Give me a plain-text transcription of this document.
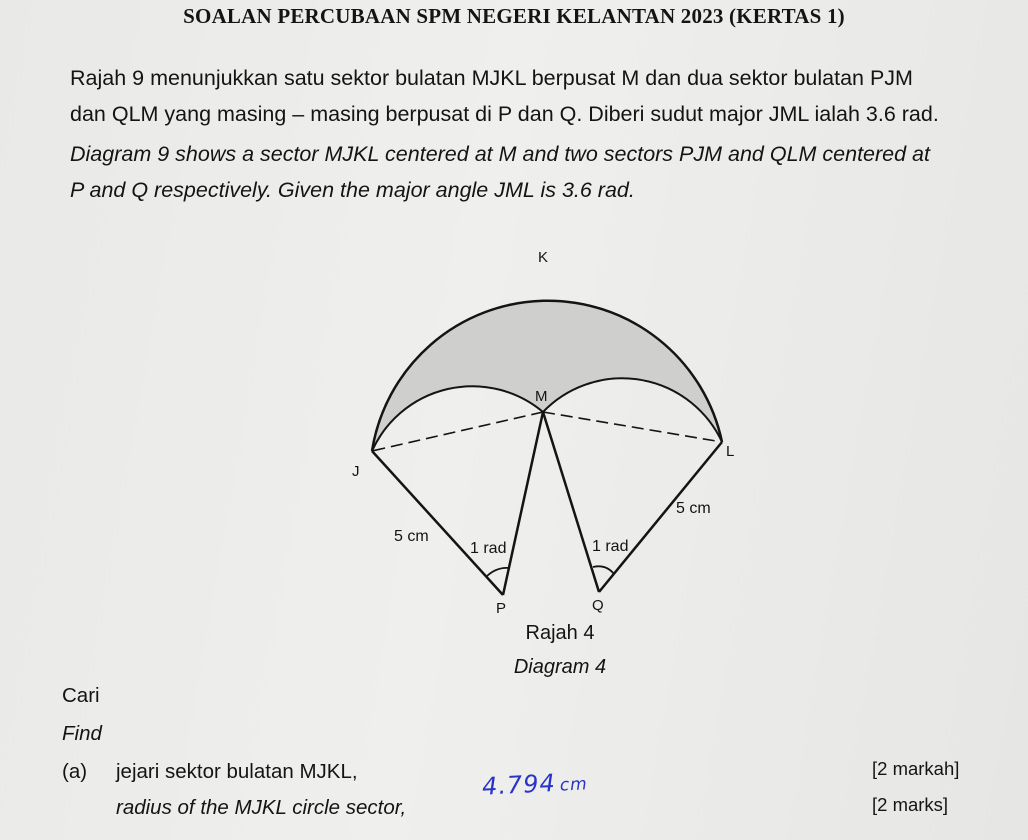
SOALAN PERCUBAAN SPM NEGERI KELANTAN 2023 (KERTAS 1)
Rajah 9 menunjukkan satu sektor bulatan MJKL berpusat M dan dua sektor bulatan PJM
dan QLM yang masing – masing berpusat di P dan Q. Diberi sudut major JML ialah 3.6 rad.
Diagram 9 shows a sector MJKL centered at M and two sectors PJM and QLM centered at
P and Q respectively. Given the major angle JML is 3.6 rad.
K
M
J
L
P	Q
5 cm
5 cm
1 rad	1 rad
Rajah 4
Diagram 4
Cari
Find
(a) jejari sektor bulatan MJKL,
radius of the MJKL circle sector,
[2 markah]
[2 marks]
4.794 cm
